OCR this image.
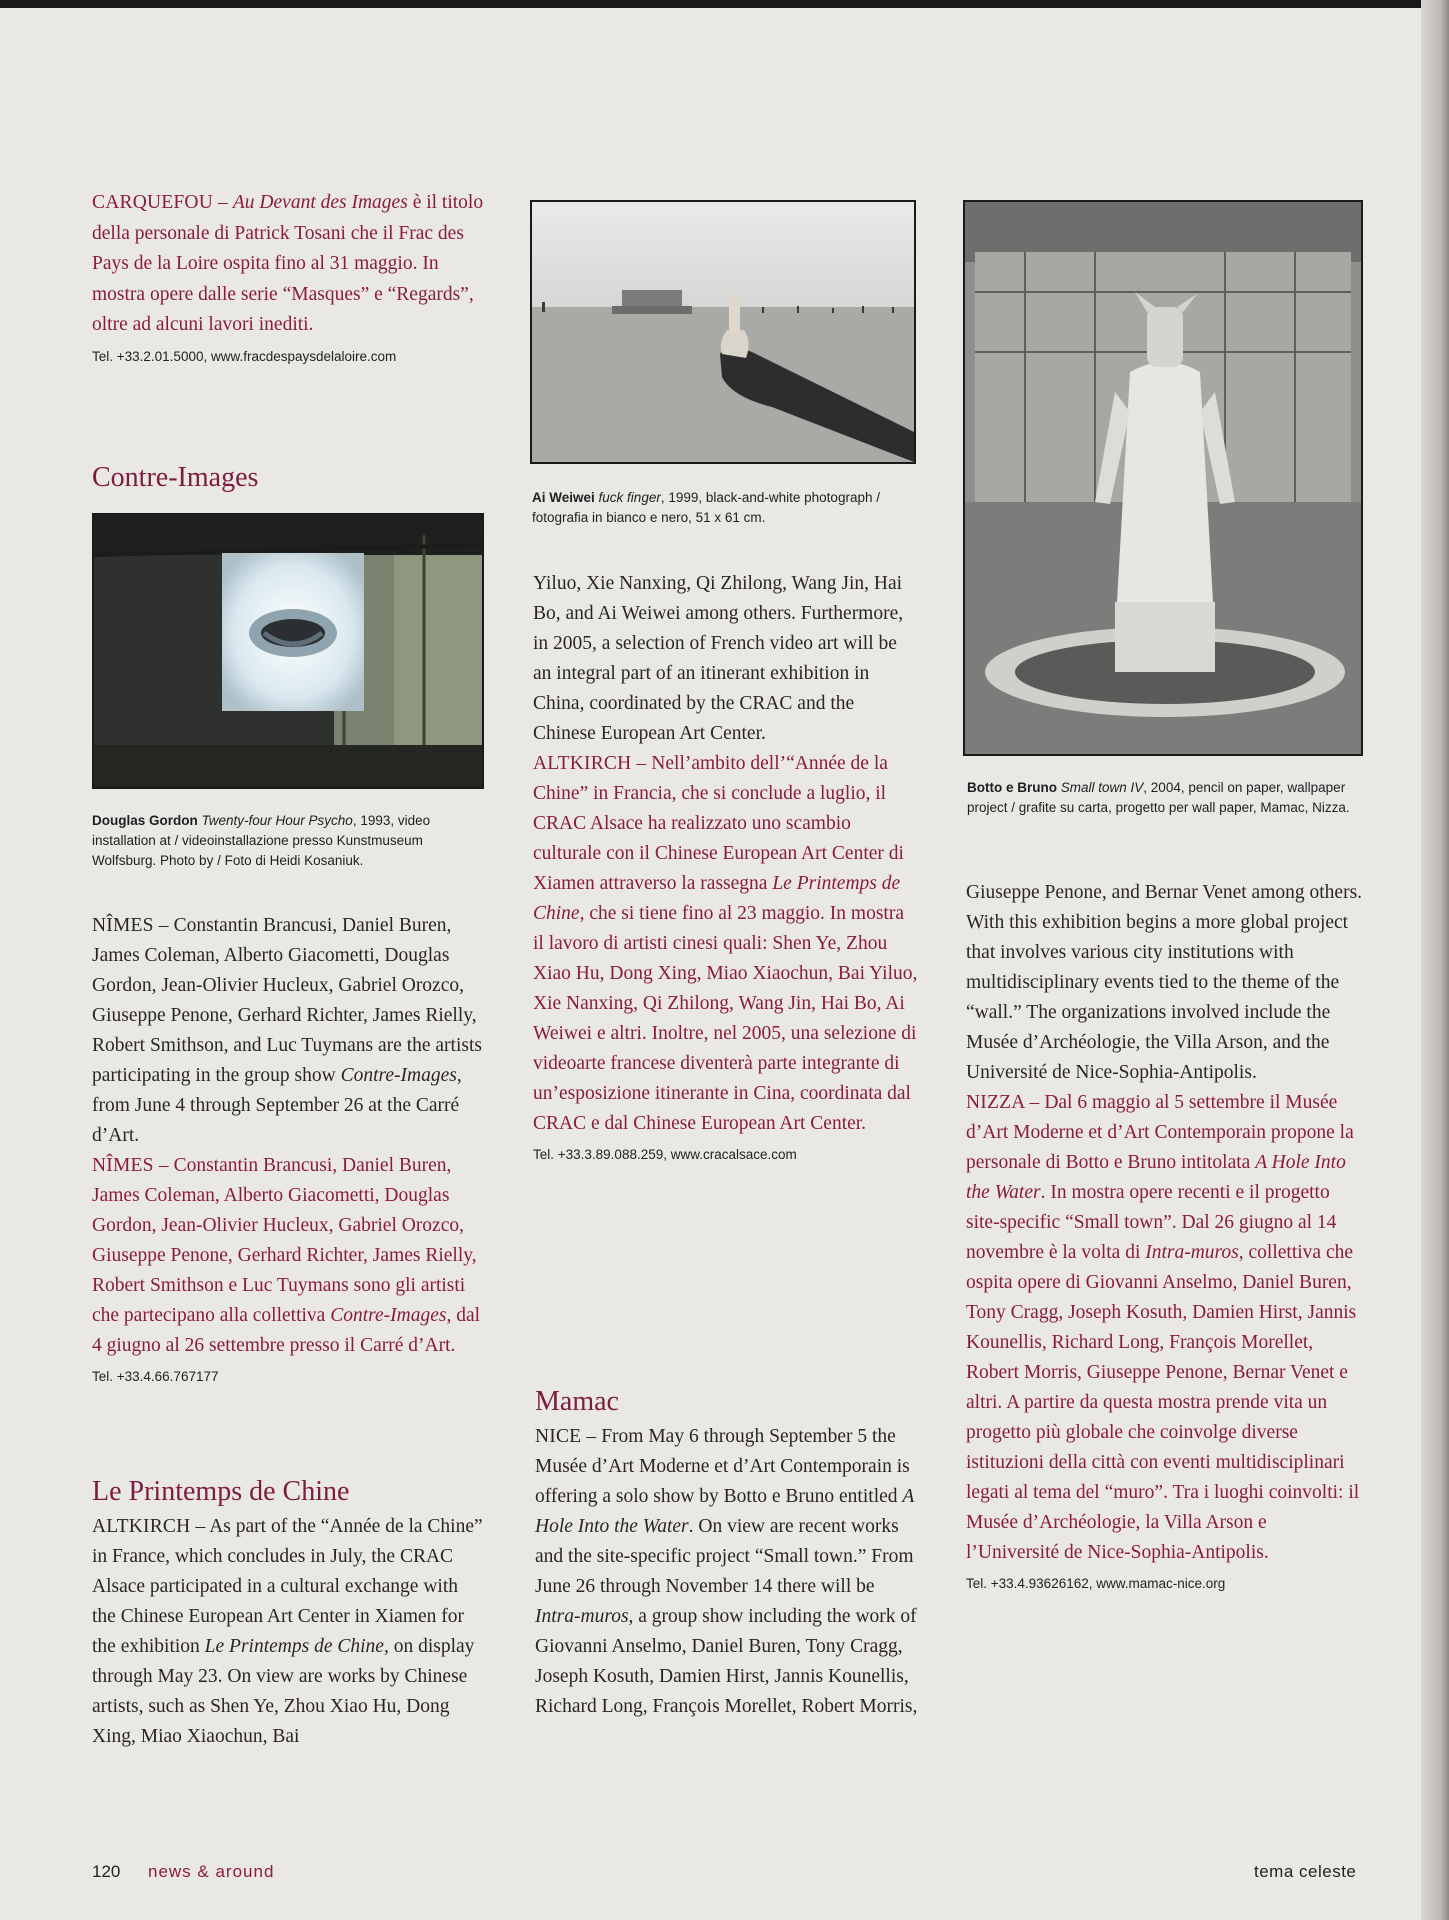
CARQUEFOU – Au Devant des Images è il titolo della personale di Patrick Tosani che il Frac des Pays de la Loire ospita fino al 31 maggio. In mostra opere dalle serie “Masques” e “Regards”, oltre ad alcuni lavori inediti.

Tel. +33.2.01.5000, www.fracdespaysdelaloire.com
Contre-Images
Douglas Gordon Twenty-four Hour Psycho, 1993, video installation at / videoinstallazione presso Kunstmuseum Wolfsburg. Photo by / Foto di Heidi Kosaniuk.

NÎMES – Constantin Brancusi, Daniel Buren, James Coleman, Alberto Giacometti, Douglas Gordon, Jean-Olivier Hucleux, Gabriel Orozco, Giuseppe Penone, Gerhard Richter, James Rielly, Robert Smithson, and Luc Tuymans are the artists participating in the group show Contre-Images, from June 4 through September 26 at the Carré d’Art.

NÎMES – Constantin Brancusi, Daniel Buren, James Coleman, Alberto Giacometti, Douglas Gordon, Jean-Olivier Hucleux, Gabriel Orozco, Giuseppe Penone, Gerhard Richter, James Rielly, Robert Smithson e Luc Tuymans sono gli artisti che partecipano alla collettiva Contre-Images, dal 4 giugno al 26 settembre presso il Carré d’Art.

Tel. +33.4.66.767177
Le Printemps de Chine

ALTKIRCH – As part of the “Année de la Chine” in France, which concludes in July, the CRAC Alsace participated in a cultural exchange with the Chinese European Art Center in Xiamen for the exhibition Le Printemps de Chine, on display through May 23. On view are works by Chinese artists, such as Shen Ye, Zhou Xiao Hu, Dong Xing, Miao Xiaochun, Bai

Ai Weiwei fuck finger, 1999, black-and-white photograph / fotografia in bianco e nero, 51 x 61 cm.

Yiluo, Xie Nanxing, Qi Zhilong, Wang Jin, Hai Bo, and Ai Weiwei among others. Furthermore, in 2005, a selection of French video art will be an integral part of an itinerant exhibition in China, coordinated by the CRAC and the Chinese European Art Center.

ALTKIRCH – Nell’ambito dell’“Année de la Chine” in Francia, che si conclude a luglio, il CRAC Alsace ha realizzato uno scambio culturale con il Chinese European Art Center di Xiamen attraverso la rassegna Le Printemps de Chine, che si tiene fino al 23 maggio. In mostra il lavoro di artisti cinesi quali: Shen Ye, Zhou Xiao Hu, Dong Xing, Miao Xiaochun, Bai Yiluo, Xie Nanxing, Qi Zhilong, Wang Jin, Hai Bo, Ai Weiwei e altri. Inoltre, nel 2005, una selezione di videoarte francese diventerà parte integrante di un’esposizione itinerante in Cina, coordinata dal CRAC e dal Chinese European Art Center.

Tel. +33.3.89.088.259, www.cracalsace.com
Mamac

NICE – From May 6 through September 5 the Musée d’Art Moderne et d’Art Contemporain is offering a solo show by Botto e Bruno entitled A Hole Into the Water. On view are recent works and the site-specific project “Small town.” From June 26 through November 14 there will be Intra-muros, a group show including the work of Giovanni Anselmo, Daniel Buren, Tony Cragg, Joseph Kosuth, Damien Hirst, Jannis Kounellis, Richard Long, François Morellet, Robert Morris,

Botto e Bruno Small town IV, 2004, pencil on paper, wallpaper project / grafite su carta, progetto per wall paper, Mamac, Nizza.

Giuseppe Penone, and Bernar Venet among others. With this exhibition begins a more global project that involves various city institutions with multidisciplinary events tied to the theme of the “wall.” The organizations involved include the Musée d’Archéologie, the Villa Arson, and the Université de Nice-Sophia-Antipolis.

NIZZA – Dal 6 maggio al 5 settembre il Musée d’Art Moderne et d’Art Contemporain propone la personale di Botto e Bruno intitolata A Hole Into the Water. In mostra opere recenti e il progetto site-specific “Small town”. Dal 26 giugno al 14 novembre è la volta di Intra-muros, collettiva che ospita opere di Giovanni Anselmo, Daniel Buren, Tony Cragg, Joseph Kosuth, Damien Hirst, Jannis Kounellis, Richard Long, François Morellet, Robert Morris, Giuseppe Penone, Bernar Venet e altri. A partire da questa mostra prende vita un progetto più globale che coinvolge diverse istituzioni della città con eventi multidisciplinari legati al tema del “muro”. Tra i luoghi coinvolti: il Musée d’Archéologie, la Villa Arson e l’Université de Nice-Sophia-Antipolis.

Tel. +33.4.93626162, www.mamac-nice.org
120 news & around	tema celeste
